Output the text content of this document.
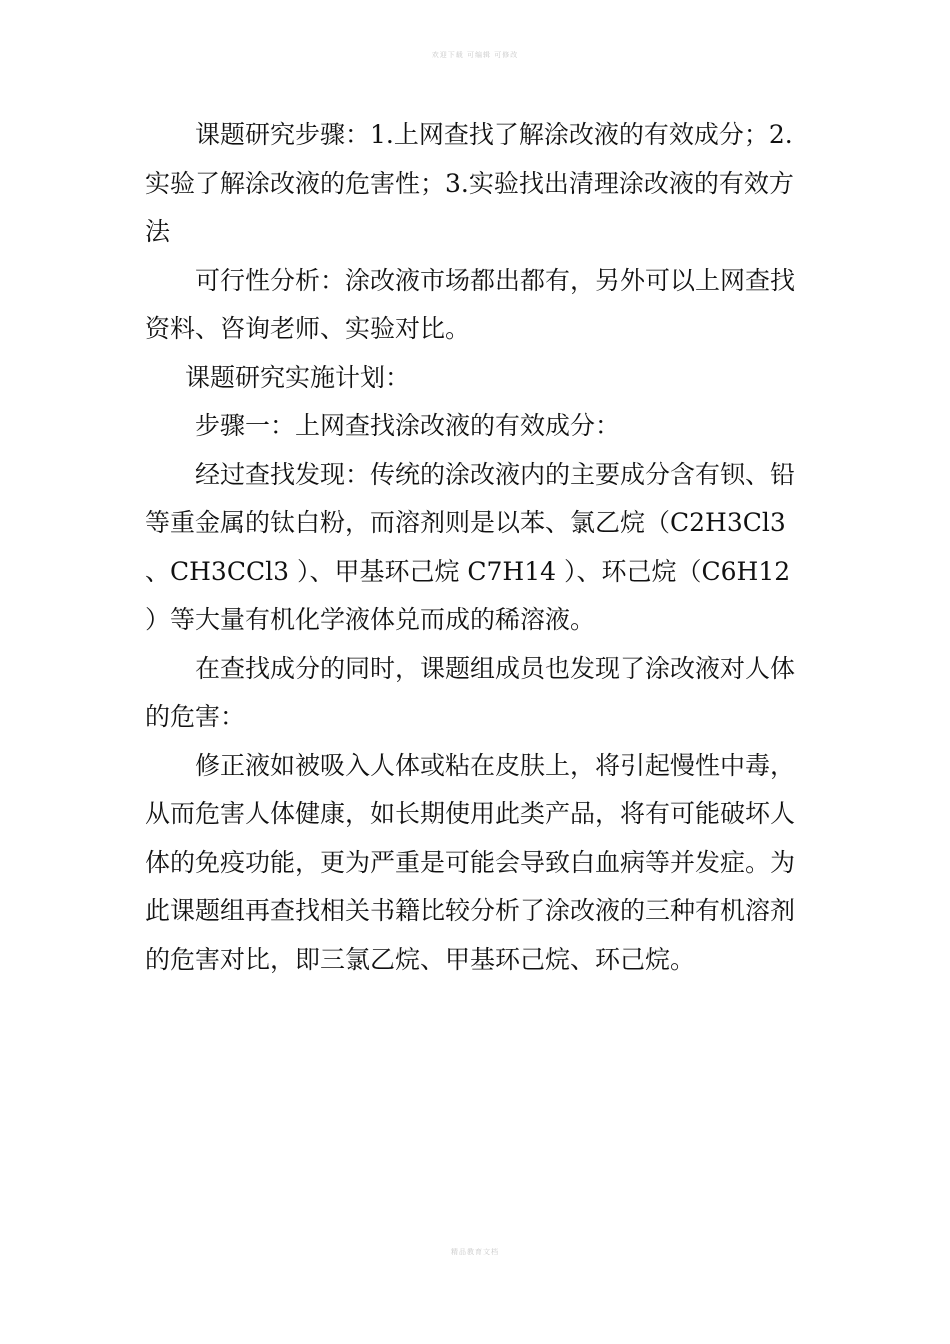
欢迎下载 可编辑 可修改

课题研究步骤：1.上网查找了解涂改液的有效成分；2.实验了解涂改液的危害性；3.实验找出清理涂改液的有效方法

可行性分析：涂改液市场都出都有，另外可以上网查找资料、咨询老师、实验对比。

课题研究实施计划：

步骤一：上网查找涂改液的有效成分：

经过查找发现：传统的涂改液内的主要成分含有钡、铅等重金属的钛白粉，而溶剂则是以苯、氯乙烷（C2H3Cl3 、CH3CCl3 ）、甲基环己烷 C7H14 ）、环己烷（C6H12 ）等大量有机化学液体兑而成的稀溶液。

在查找成分的同时，课题组成员也发现了涂改液对人体的危害：

修正液如被吸入人体或粘在皮肤上，将引起慢性中毒，从而危害人体健康，如长期使用此类产品，将有可能破坏人体的免疫功能，更为严重是可能会导致白血病等并发症。为此课题组再查找相关书籍比较分析了涂改液的三种有机溶剂的危害对比，即三氯乙烷、甲基环己烷、环己烷。

精品教育文档
